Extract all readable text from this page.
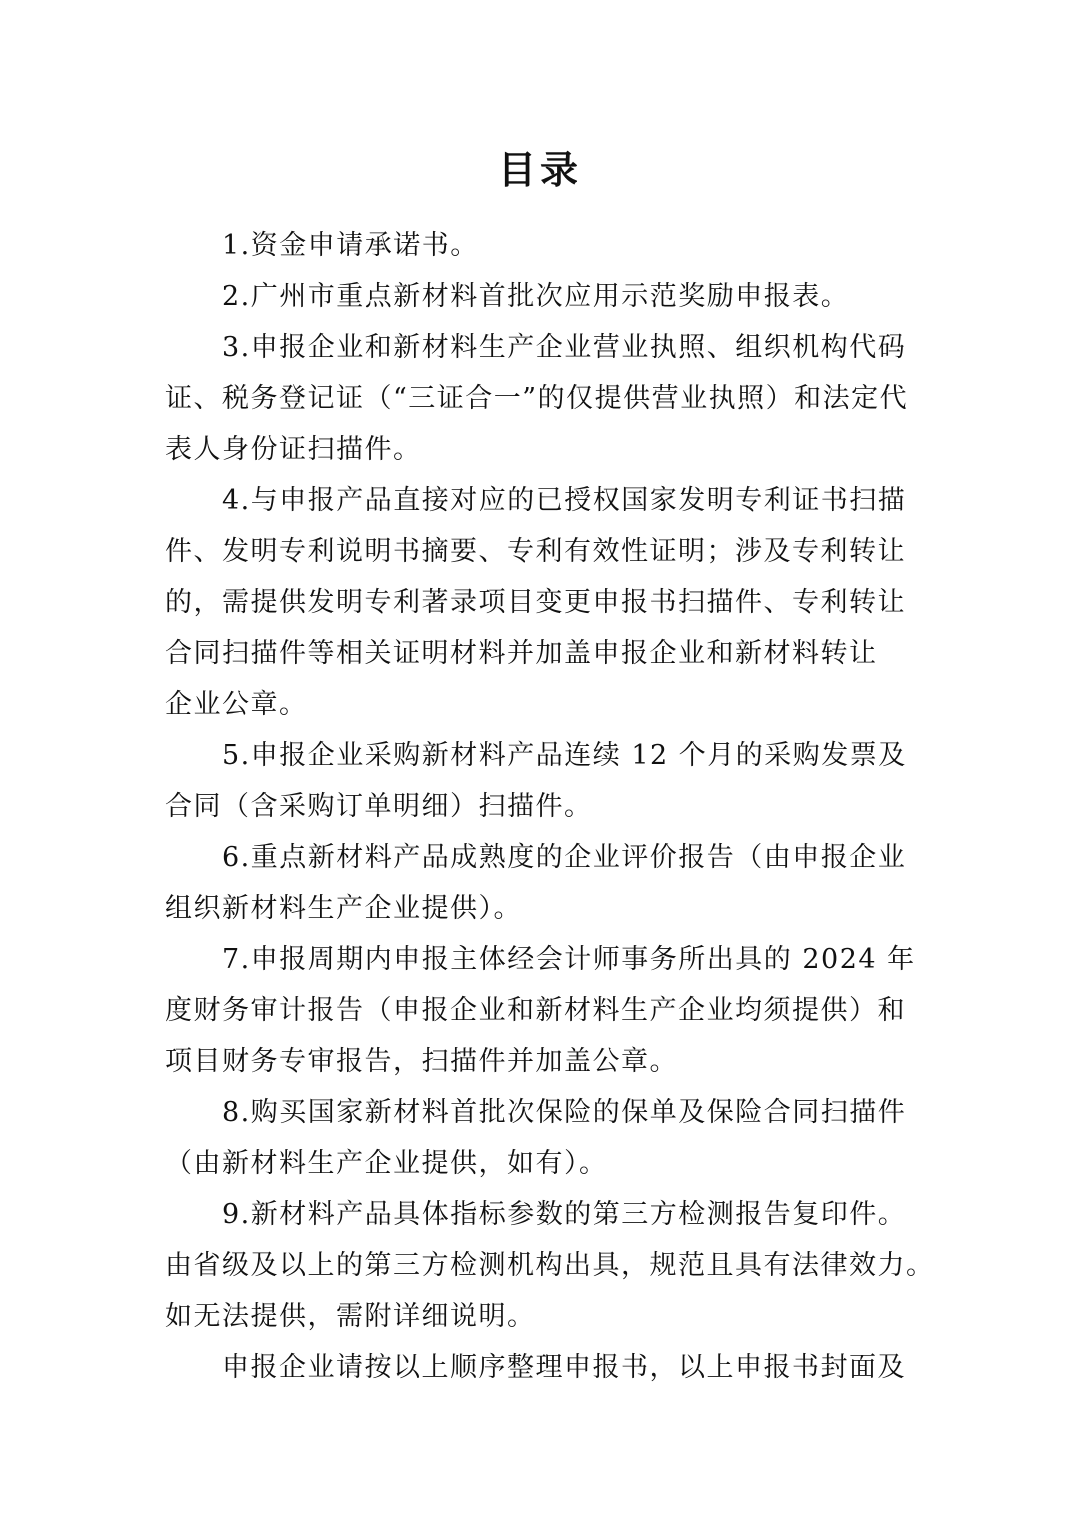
目录

1.资金申请承诺书。

2.广州市重点新材料首批次应用示范奖励申报表。

3.申报企业和新材料生产企业营业执照、组织机构代码
证、税务登记证（“三证合一”的仅提供营业执照）和法定代
表人身份证扫描件。

4.与申报产品直接对应的已授权国家发明专利证书扫描
件、发明专利说明书摘要、专利有效性证明；涉及专利转让
的，需提供发明专利著录项目变更申报书扫描件、专利转让
合同扫描件等相关证明材料并加盖申报企业和新材料转让
企业公章。

5.申报企业采购新材料产品连续 12 个月的采购发票及
合同（含采购订单明细）扫描件。

6.重点新材料产品成熟度的企业评价报告（由申报企业
组织新材料生产企业提供）。

7.申报周期内申报主体经会计师事务所出具的 2024 年
度财务审计报告（申报企业和新材料生产企业均须提供）和
项目财务专审报告，扫描件并加盖公章。

8.购买国家新材料首批次保险的保单及保险合同扫描件
（由新材料生产企业提供，如有）。

9.新材料产品具体指标参数的第三方检测报告复印件。
由省级及以上的第三方检测机构出具，规范且具有法律效力。
如无法提供，需附详细说明。

申报企业请按以上顺序整理申报书，以上申报书封面及
